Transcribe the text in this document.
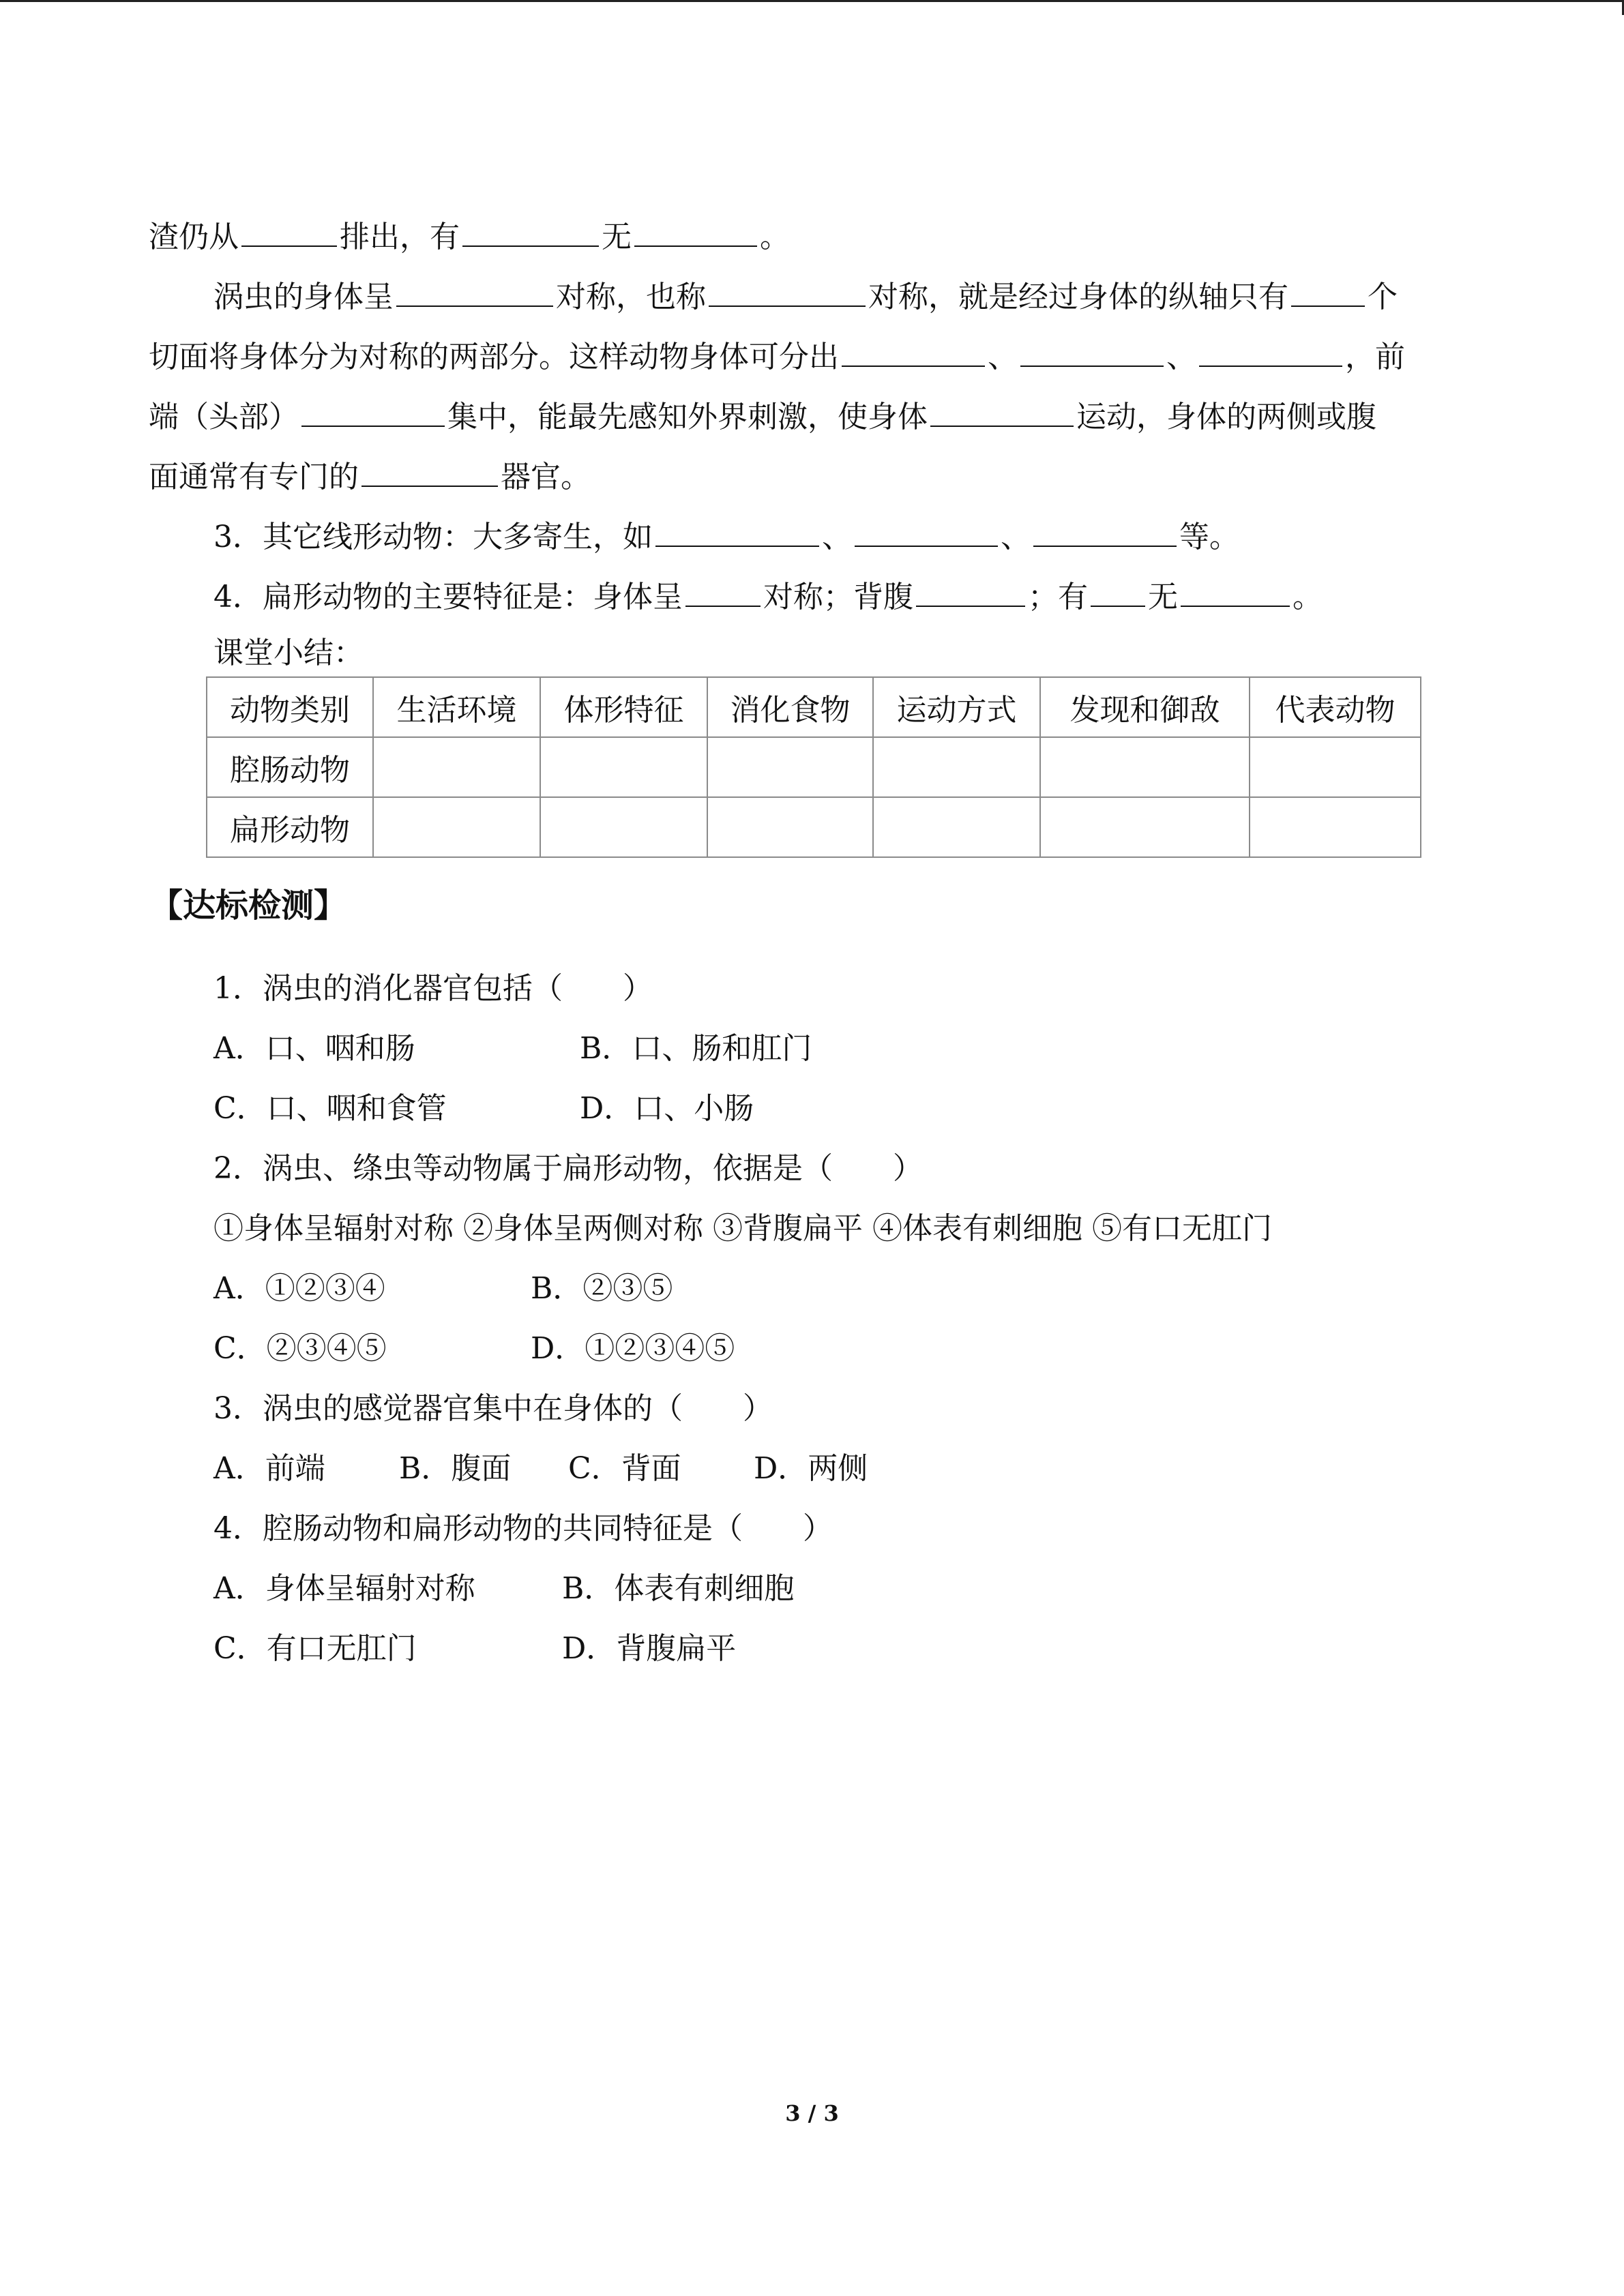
渣仍从	排出，有	无	。
涡虫的身体呈	对称，也称	对称，就是经过身体的纵轴只有	个
切面将身体分为对称的两部分。这样动物身体可分出	、	、	，前
端（头部）	集中，能最先感知外界刺激，使身体	运动，身体的两侧或腹
面通常有专门的	器官。
3．其它线形动物：大多寄生，如	、	、	等。
4．扁形动物的主要特征是：身体呈	对称；背腹	；有 无	。
课堂小结：
动物类别	生活环境	体形特征	消化食物	运动方式	发现和御敌	代表动物
腔肠动物						
扁形动物						
【达标检测】
1．涡虫的消化器官包括（　　）
A．口、咽和肠	B．口、肠和肛门
C．口、咽和食管	D．口、小肠
2．涡虫、绦虫等动物属于扁形动物，依据是（　　）
①身体呈辐射对称 ②身体呈两侧对称 ③背腹扁平 ④体表有刺细胞 ⑤有口无肛门
A．①②③④	B．②③⑤
C．②③④⑤	D．①②③④⑤
3．涡虫的感觉器官集中在身体的（　　）
A．前端 B．腹面 C．背面 D．两侧
4．腔肠动物和扁形动物的共同特征是（　　）
A．身体呈辐射对称	B．体表有刺细胞
C．有口无肛门	D．背腹扁平
3 / 3
